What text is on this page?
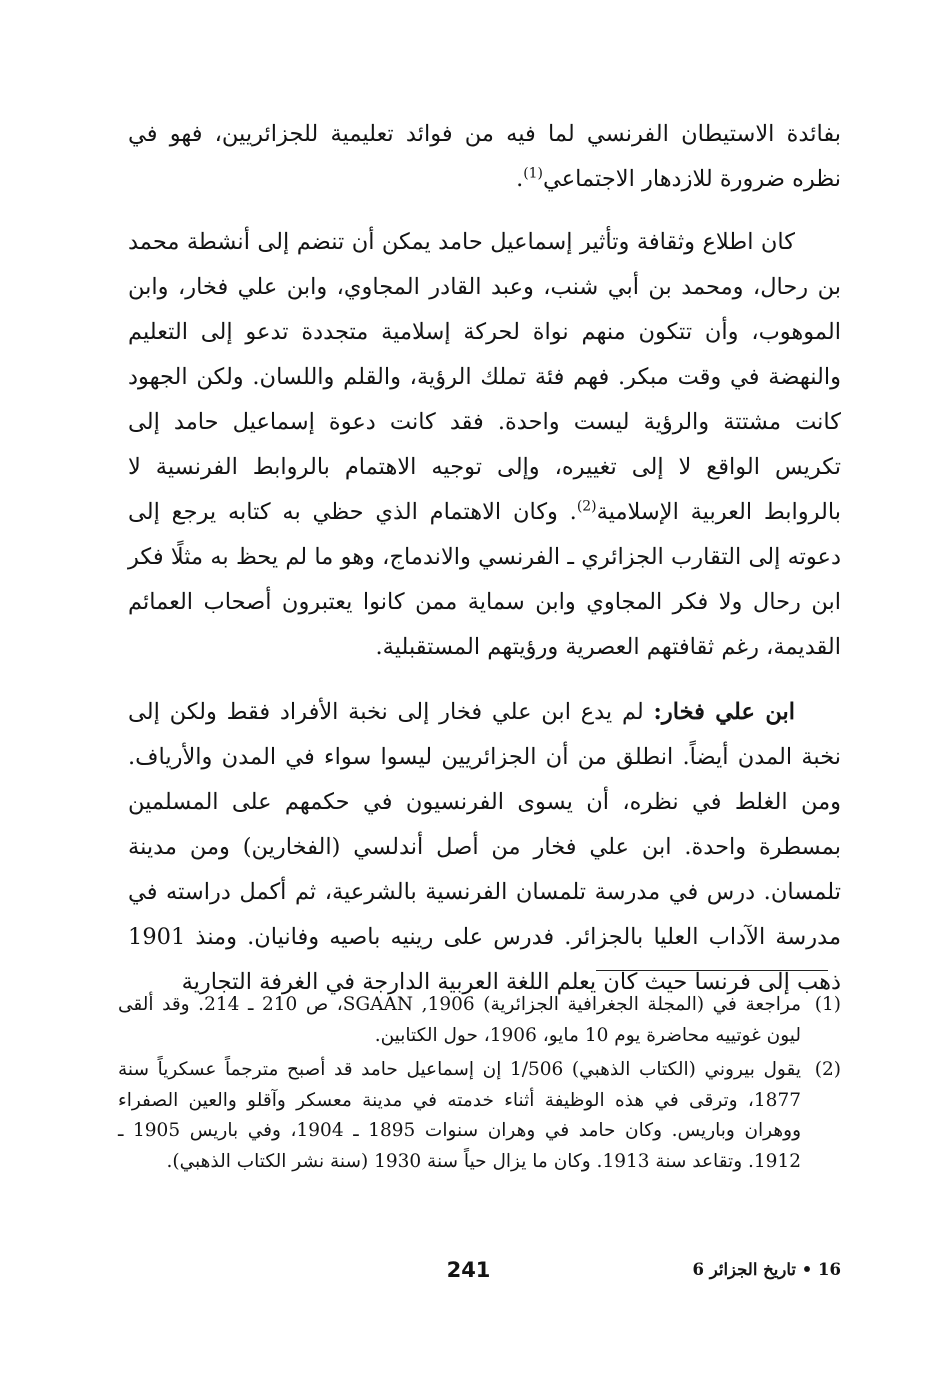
بفائدة الاستيطان الفرنسي لما فيه من فوائد تعليمية للجزائريين، فهو في نظره ضرورة للازدهار الاجتماعي$^{(1)}$.

كان اطلاع وثقافة وتأثير إسماعيل حامد يمكن أن تنضم إلى أنشطة محمد بن رحال، ومحمد بن أبي شنب، وعبد القادر المجاوي، وابن علي فخار، وابن الموهوب، وأن تتكون منهم نواة لحركة إسلامية متجددة تدعو إلى التعليم والنهضة في وقت مبكر. فهم فئة تملك الرؤية، والقلم واللسان. ولكن الجهود كانت مشتتة والرؤية ليست واحدة. فقد كانت دعوة إسماعيل حامد إلى تكريس الواقع لا إلى تغييره، وإلى توجيه الاهتمام بالروابط الفرنسية لا بالروابط العربية الإسلامية$^{(2)}$. وكان الاهتمام الذي حظي به كتابه يرجع إلى دعوته إلى التقارب الجزائري ـ الفرنسي والاندماج، وهو ما لم يحظ به مثلًا فكر ابن رحال ولا فكر المجاوي وابن سماية ممن كانوا يعتبرون أصحاب العمائم القديمة، رغم ثقافتهم العصرية ورؤيتهم المستقبلية.

ابن علي فخار: لم يدع ابن علي فخار إلى نخبة الأفراد فقط ولكن إلى نخبة المدن أيضاً. انطلق من أن الجزائريين ليسوا سواء في المدن والأرياف. ومن الغلط في نظره، أن يسوى الفرنسيون في حكمهم على المسلمين بمسطرة واحدة. ابن علي فخار من أصل أندلسي (الفخارين) ومن مدينة تلمسان. درس في مدرسة تلمسان الفرنسية بالشرعية، ثم أكمل دراسته في مدرسة الآداب العليا بالجزائر. فدرس على رينيه باصيه وفانيان. ومنذ 1901 ذهب إلى فرنسا حيث كان يعلم اللغة العربية الدارجة في الغرفة التجارية

(1)
مراجعة في (المجلة الجغرافية الجزائرية) 1906, SGAAN، ص 210 ـ 214. وقد ألقى ليون غوتييه محاضرة يوم 10 مايو، 1906، حول الكتابين.
(2)
يقول بيروني (الكتاب الذهبي) 1/506 إن إسماعيل حامد قد أصبح مترجماً عسكرياً سنة 1877، وترقى في هذه الوظيفة أثناء خدمته في مدينة معسكر وآقلو والعين الصفراء ووهران وباريس. وكان حامد في وهران سنوات 1895 ـ 1904، وفي باريس 1905 ـ 1912. وتقاعد سنة 1913. وكان ما يزال حياً سنة 1930 (سنة نشر الكتاب الذهبي).
241	16 • تاريخ الجزائر 6
